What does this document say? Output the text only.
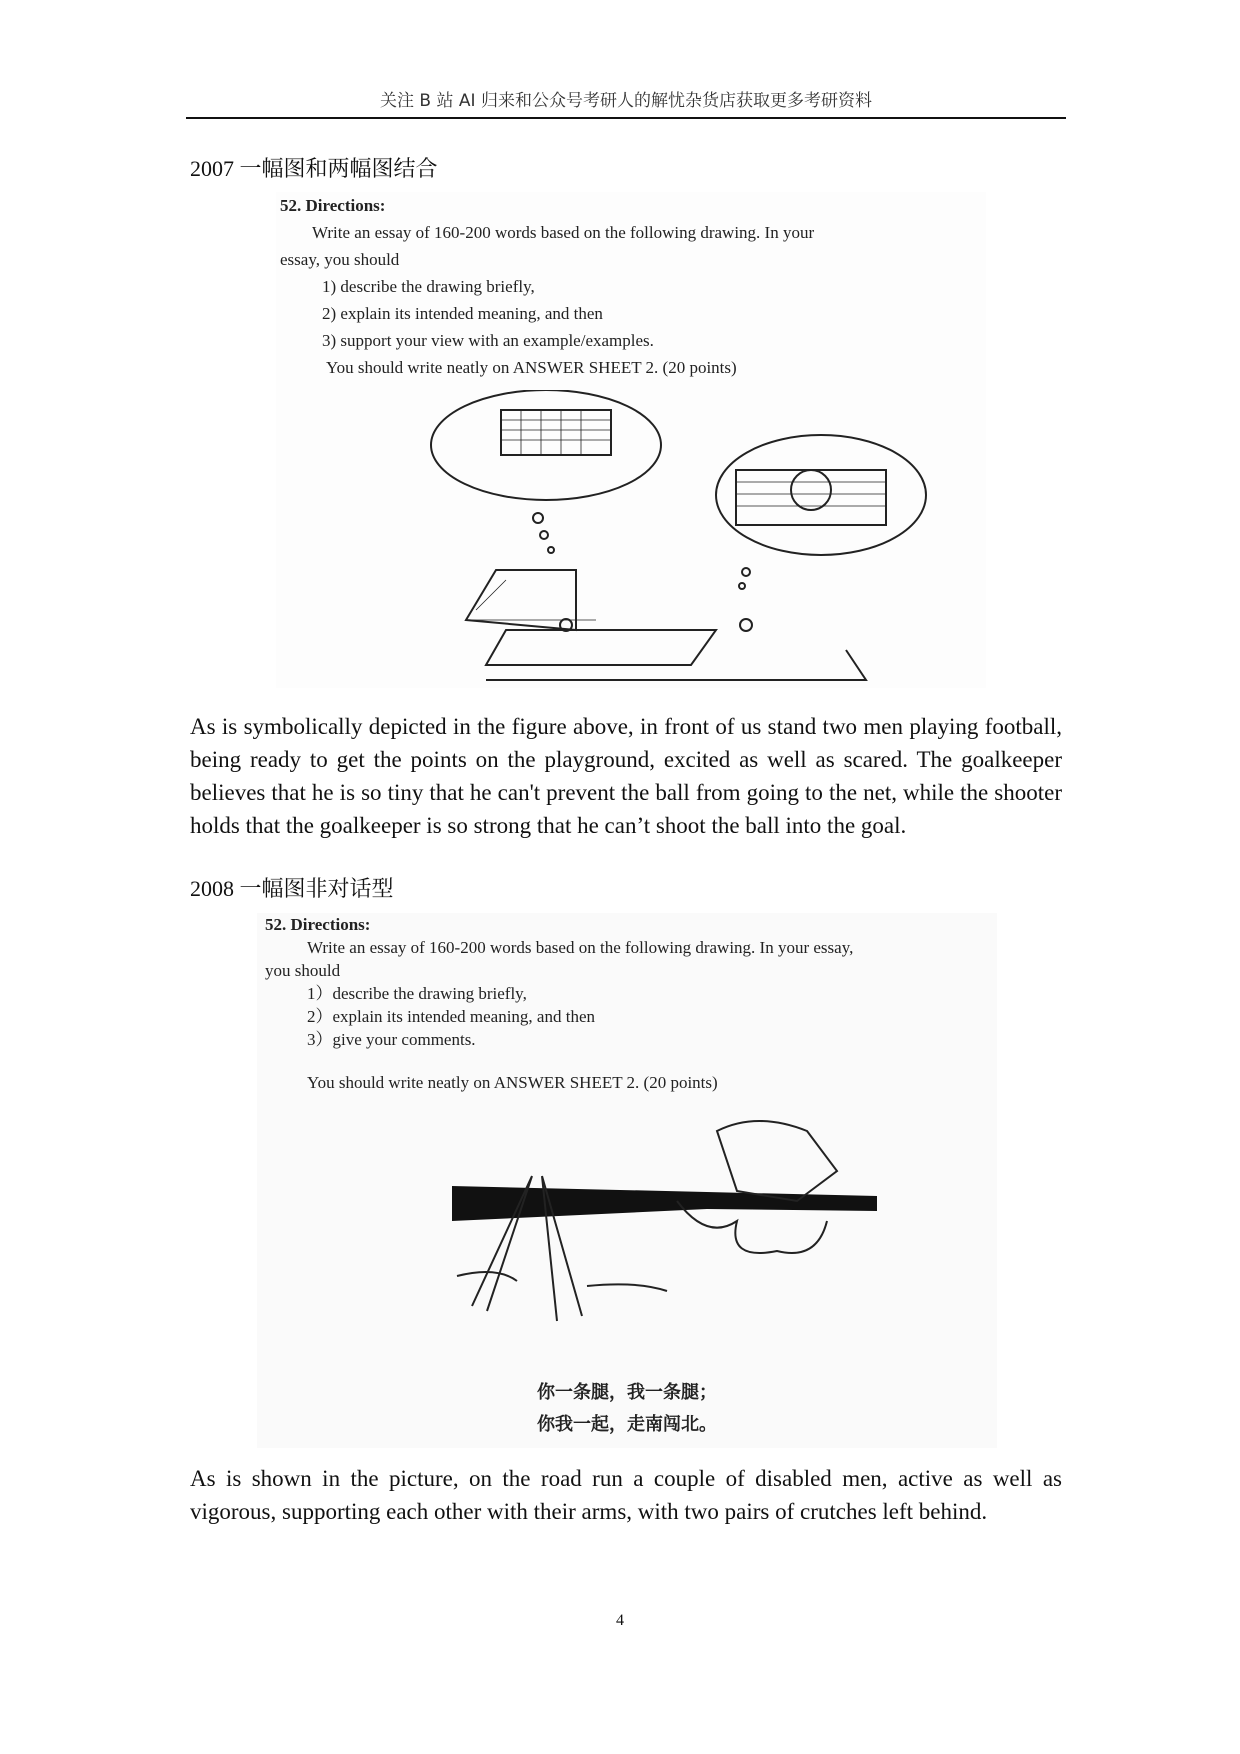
关注 B 站 AI 归来和公众号考研人的解忧杂货店获取更多考研资料
2007 一幅图和两幅图结合
52. Directions:
Write an essay of 160-200 words based on the following drawing. In your
essay, you should
1) describe the drawing briefly,
2) explain its intended meaning, and then
3) support your view with an example/examples.
You should write neatly on ANSWER SHEET 2. (20 points)
As is symbolically depicted in the figure above, in front of us stand two men playing football, being ready to get the points on the playground, excited as well as scared. The goalkeeper believes that he is so tiny that he can't prevent the ball from going to the net, while the shooter holds that the goalkeeper is so strong that he can’t shoot the ball into the goal.
2008 一幅图非对话型
52. Directions:
Write an essay of 160-200 words based on the following drawing. In your essay,
you should
1）describe the drawing briefly,
2）explain its intended meaning, and then
3）give your comments.
You should write neatly on ANSWER SHEET 2. (20 points)
你一条腿，我一条腿；
你我一起，走南闯北。
As is shown in the picture, on the road run a couple of disabled men, active as well as vigorous, supporting each other with their arms, with two pairs of crutches left behind.
4
